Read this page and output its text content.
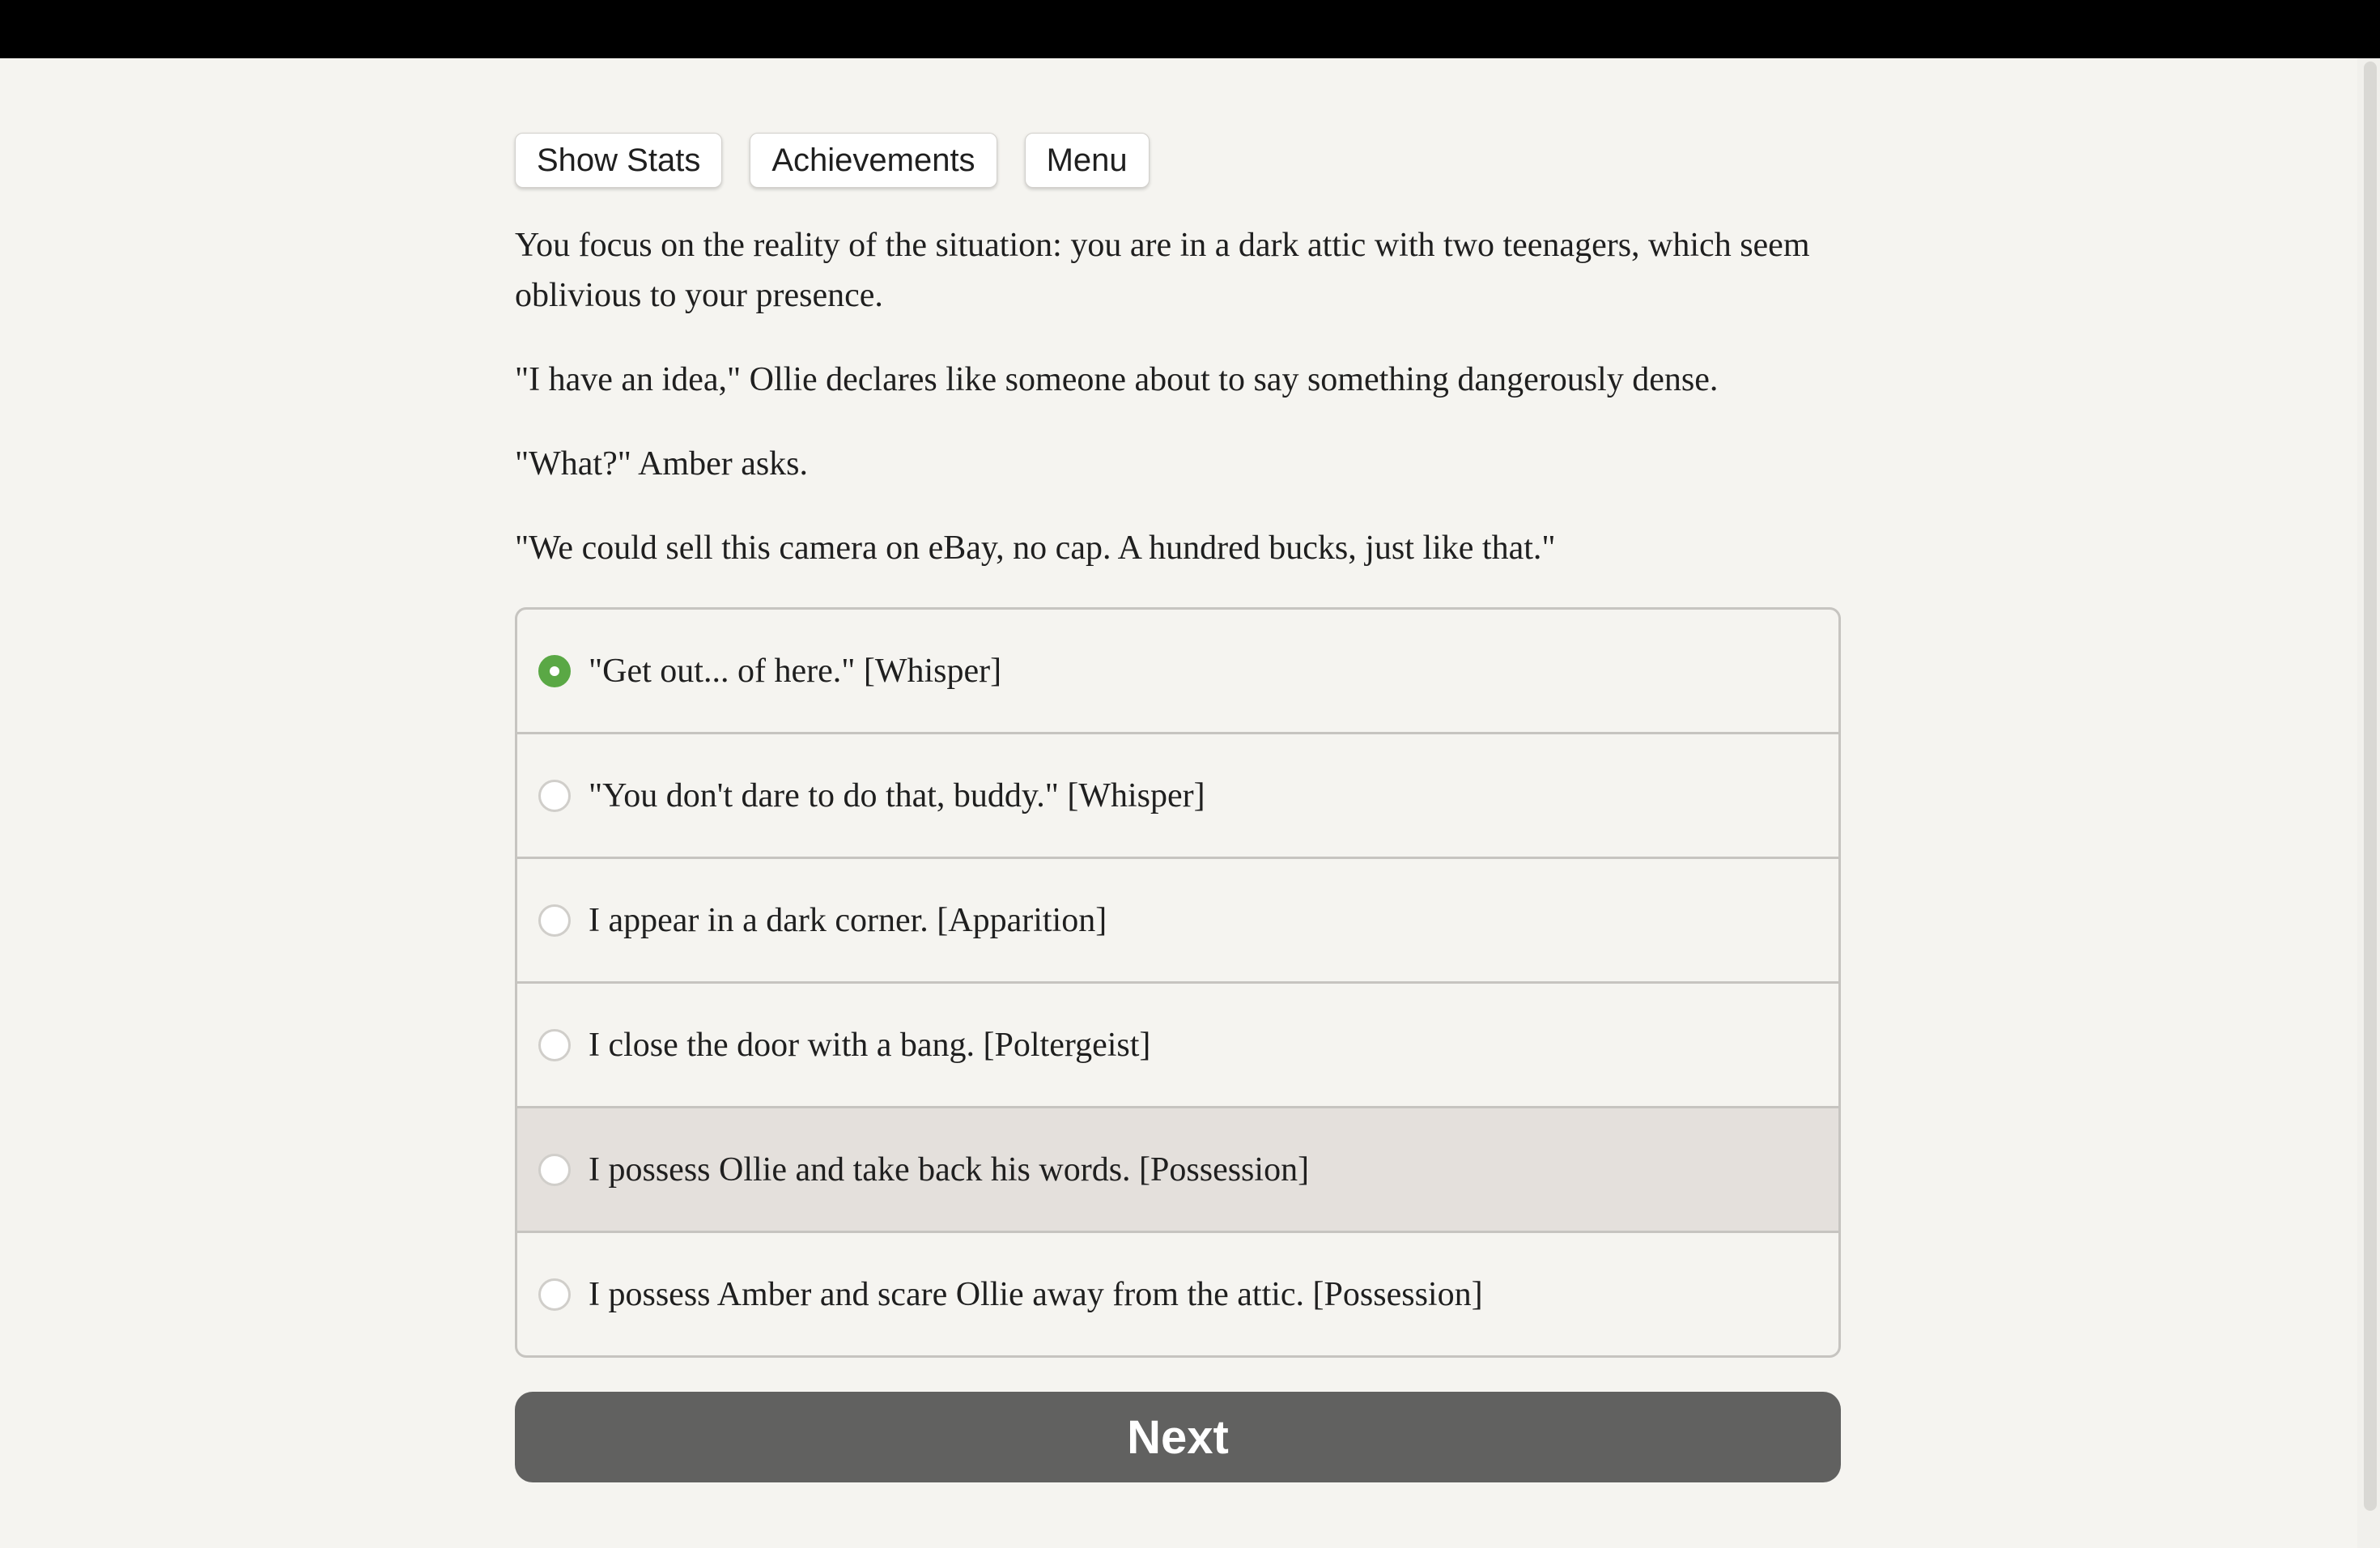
Show Stats	Achievements	Menu

You focus on the reality of the situation: you are in a dark attic with two teenagers, which seem oblivious to your presence.

"I have an idea," Ollie declares like someone about to say something dangerously dense.

"What?" Amber asks.

"We could sell this camera on eBay, no cap. A hundred bucks, just like that."

"Get out... of here." [Whisper]
"You don't dare to do that, buddy." [Whisper]
I appear in a dark corner. [Apparition]
I close the door with a bang. [Poltergeist]
I possess Ollie and take back his words. [Possession]
I possess Amber and scare Ollie away from the attic. [Possession]
Next
